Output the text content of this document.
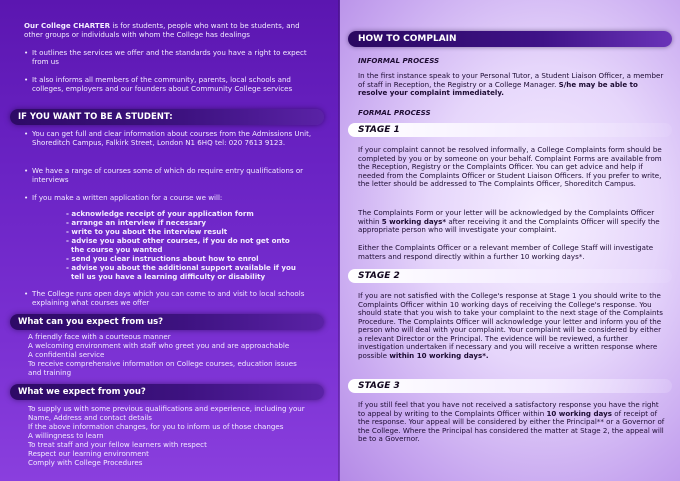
Our College CHARTER is for students, people who want to be students, and other groups or individuals with whom the College has dealings
• It outlines the services we offer and the standards you have a right to expect from us
• It also informs all members of the community, parents, local schools and colleges, employers and our founders about Community College services
IF YOU WANT TO BE A STUDENT:
• You can get full and clear information about courses from the Admissions Unit, Shoreditch Campus, Falkirk Street, London N1 6HQ tel: 020 7613 9123.
• We have a range of courses some of which do require entry qualifications or interviews
• If you make a written application for a course we will:
- acknowledge receipt of your application form
- arrange an interview if necessary
- write to you about the interview result
- advise you about other courses, if you do not get onto
the course you wanted
- send you clear instructions about how to enrol
- advise you about the additional support available if you
tell us you have a learning difficulty or disability
• The College runs open days which you can come to and visit to local schools explaining what courses we offer
What can you expect from us?
A friendly face with a courteous manner
A welcoming environment with staff who greet you and are approachable
A confidential service
To receive comprehensive information on College courses, education issues
and training
What we expect from you?
To supply us with some previous qualifications and experience, including your
Name, Address and contact details
If the above information changes, for you to inform us of those changes
A willingness to learn
To treat staff and your fellow learners with respect
Respect our learning environment
Comply with College Procedures
HOW TO COMPLAIN
INFORMAL PROCESS
In the first instance speak to your Personal Tutor, a Student Liaison Officer, a member of staff in Reception, the Registry or a College Manager. S/he may be able to resolve your complaint immediately.
FORMAL PROCESS
STAGE 1
If your complaint cannot be resolved informally, a College Complaints form should be completed by you or by someone on your behalf. Complaint Forms are available from the Reception, Registry or the Complaints Officer. You can get advice and help if needed from the Complaints Officer or Student Liaison Officers. If you prefer to write, the letter should be addressed to The Complaints Officer, Shoreditch Campus.
The Complaints Form or your letter will be acknowledged by the Complaints Officer within 5 working days* after receiving it and the Complaints Officer will specify the appropriate person who will investigate your complaint.
Either the Complaints Officer or a relevant member of College Staff will investigate matters and respond directly within a further 10 working days*.
STAGE 2
If you are not satisfied with the College's response at Stage 1 you should write to the Complaints Officer within 10 working days of receiving the College's response. You should state that you wish to take your complaint to the next stage of the Complaints Procedure. The Complaints Officer will acknowledge your letter and inform you of the person who will deal with your complaint. Your complaint will be considered by either a relevant Director or the Principal. The evidence will be reviewed, a further investigation undertaken if necessary and you will receive a written response where possible within 10 working days*.
STAGE 3
If you still feel that you have not received a satisfactory response you have the right to appeal by writing to the Complaints Officer within 10 working days of receipt of the response. Your appeal will be considered by either the Principal** or a Governor of the College. Where the Principal has considered the matter at Stage 2, the appeal will be to a Governor.
